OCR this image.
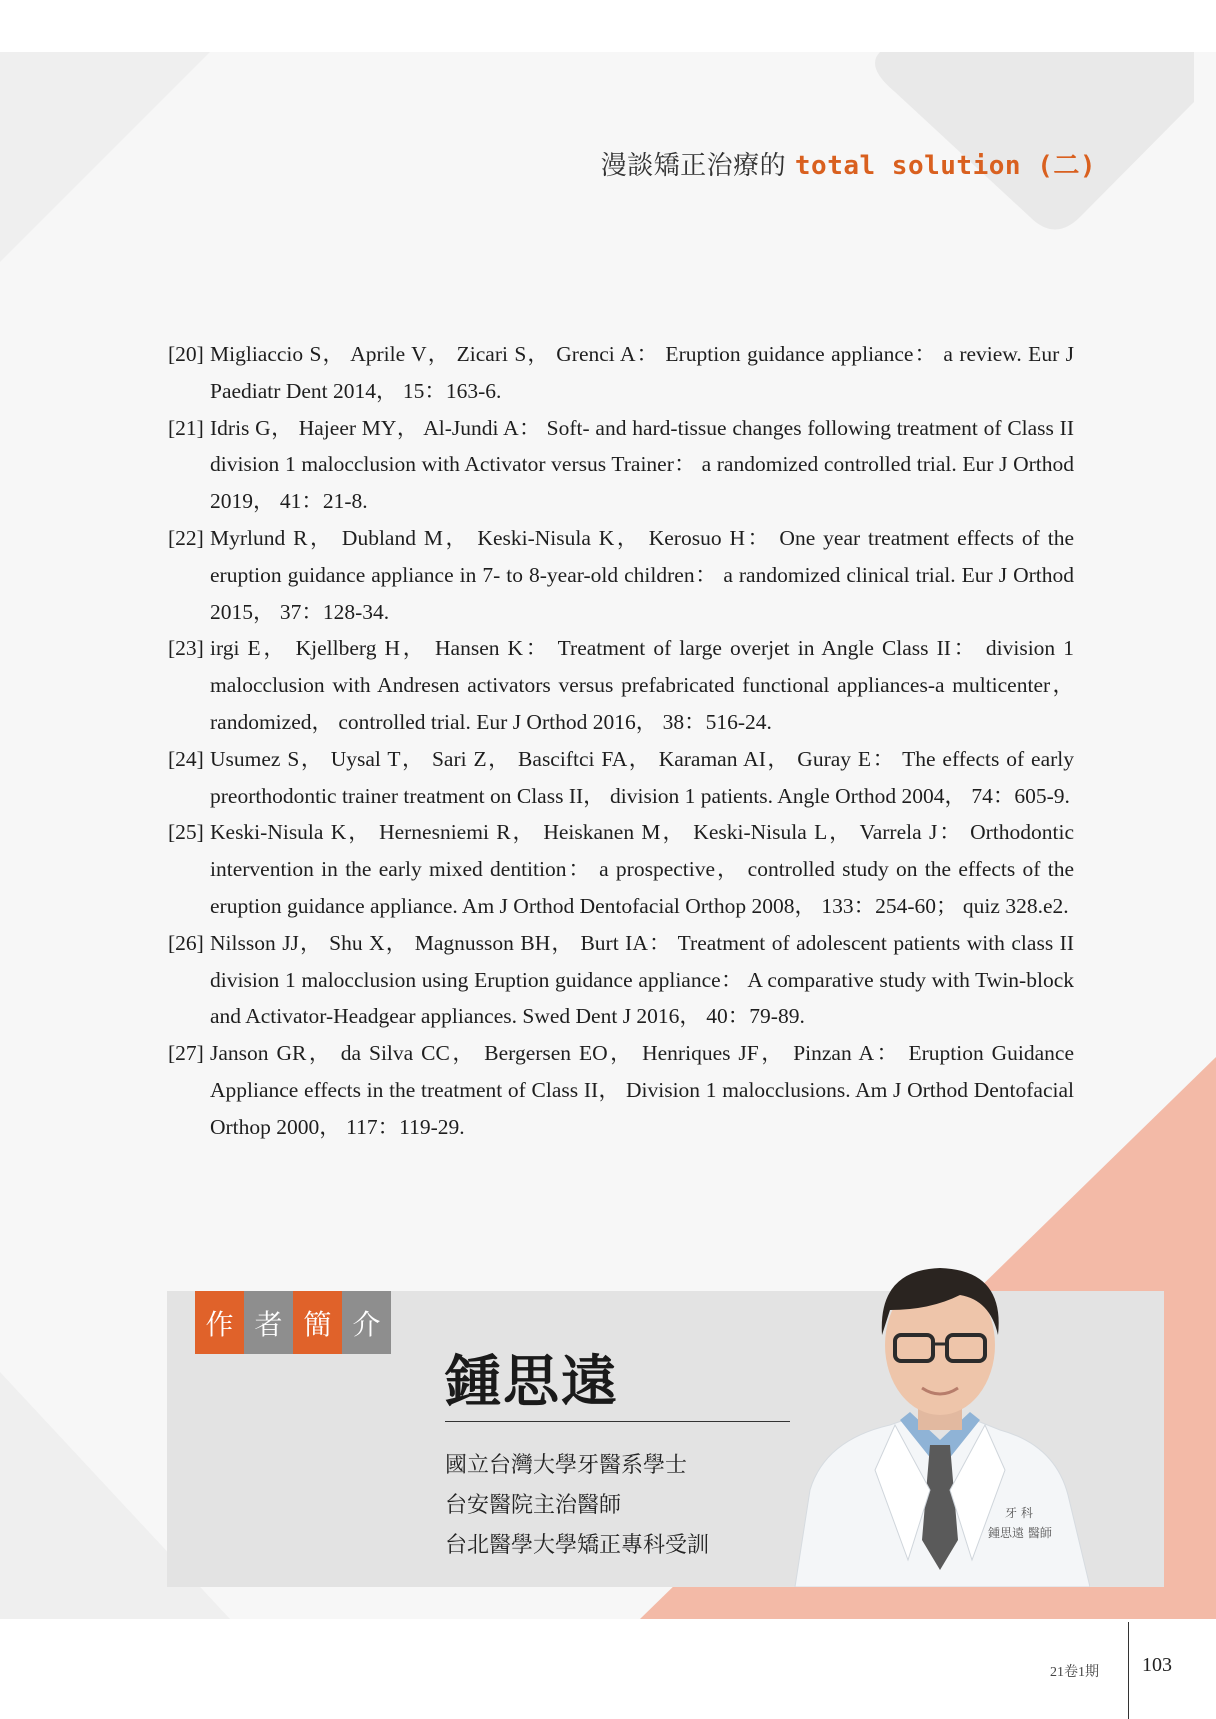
漫談矯正治療的 total solution (二)
[20] Migliaccio S， Aprile V， Zicari S， Grenci A： Eruption guidance appliance： a review. Eur J Paediatr Dent 2014， 15：163-6.
[21] Idris G， Hajeer MY， Al-Jundi A： Soft- and hard-tissue changes following treatment of Class II division 1 malocclusion with Activator versus Trainer： a randomized controlled trial. Eur J Orthod 2019， 41：21-8.
[22] Myrlund R， Dubland M， Keski-Nisula K， Kerosuo H： One year treatment effects of the eruption guidance appliance in 7- to 8-year-old children： a randomized clinical trial. Eur J Orthod 2015， 37：128-34.
[23] irgi E， Kjellberg H， Hansen K： Treatment of large overjet in Angle Class II： division 1 malocclusion with Andresen activators versus prefabricated functional appliances-a multicenter， randomized， controlled trial. Eur J Orthod 2016， 38：516-24.
[24] Usumez S， Uysal T， Sari Z， Basciftci FA， Karaman AI， Guray E： The effects of early preorthodontic trainer treatment on Class II， division 1 patients. Angle Orthod 2004， 74：605-9.
[25] Keski-Nisula K， Hernesniemi R， Heiskanen M， Keski-Nisula L， Varrela J： Orthodontic intervention in the early mixed dentition： a prospective， controlled study on the effects of the eruption guidance appliance. Am J Orthod Dentofacial Orthop 2008， 133：254-60； quiz 328.e2.
[26] Nilsson JJ， Shu X， Magnusson BH， Burt IA： Treatment of adolescent patients with class II division 1 malocclusion using Eruption guidance appliance： A comparative study with Twin-block and Activator-Headgear appliances. Swed Dent J 2016， 40：79-89.
[27] Janson GR， da Silva CC， Bergersen EO， Henriques JF， Pinzan A： Eruption Guidance Appliance effects in the treatment of Class II， Division 1 malocclusions. Am J Orthod Dentofacial Orthop 2000， 117：119-29.
作 者 簡 介
鍾思遠
國立台灣大學牙醫系學士
台安醫院主治醫師
台北醫學大學矯正專科受訓
牙 科
鍾思遠 醫師
21卷1期 103
